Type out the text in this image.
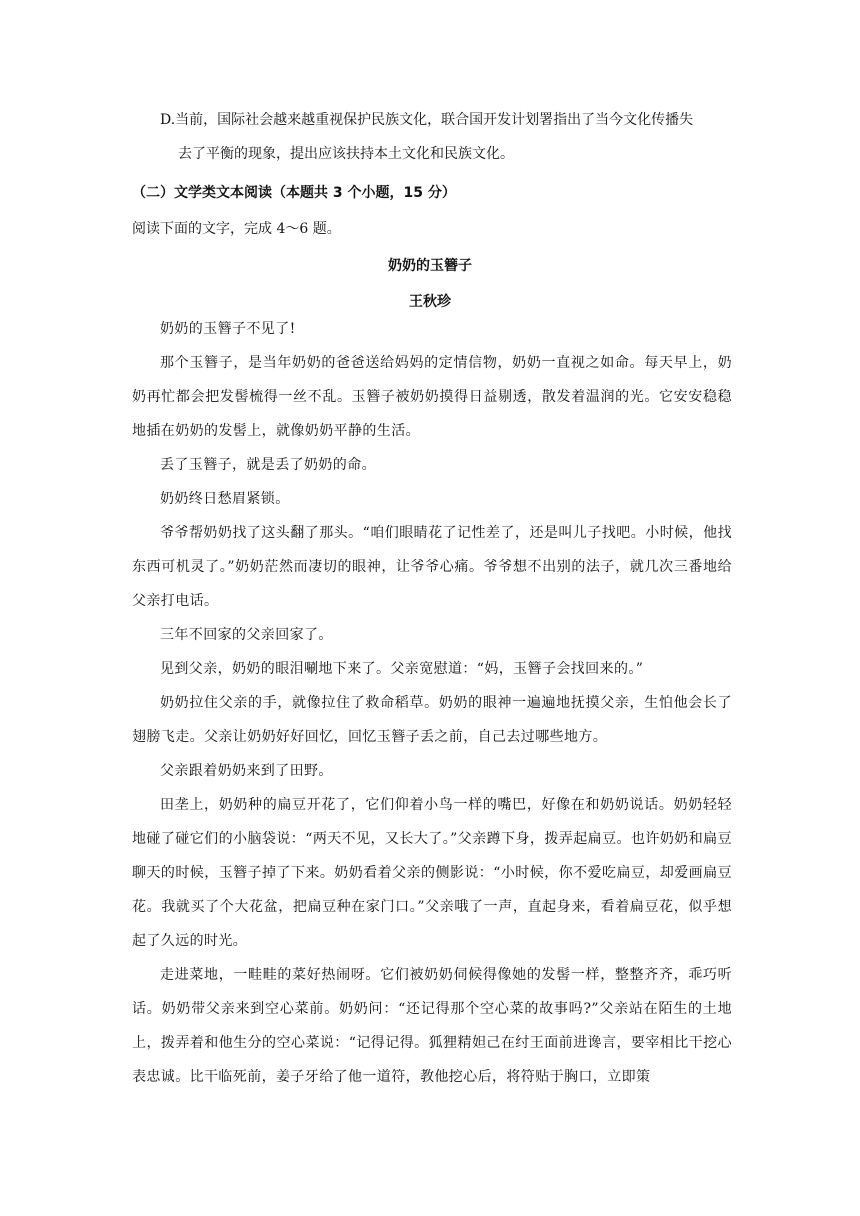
D.当前，国际社会越来越重视保护民族文化，联合国开发计划署指出了当今文化传播失
去了平衡的现象，提出应该扶持本土文化和民族文化。
（二）文学类文本阅读（本题共 3 个小题，15 分）
阅读下面的文字，完成 4～6 题。
奶奶的玉簪子
王秋珍
奶奶的玉簪子不见了!
那个玉簪子，是当年奶奶的爸爸送给妈妈的定情信物，奶奶一直视之如命。每天早上，奶奶再忙都会把发髻梳得一丝不乱。玉簪子被奶奶摸得日益剔透，散发着温润的光。它安安稳稳地插在奶奶的发髻上，就像奶奶平静的生活。
丢了玉簪子，就是丢了奶奶的命。
奶奶终日愁眉紧锁。
爷爷帮奶奶找了这头翻了那头。“咱们眼睛花了记性差了，还是叫儿子找吧。小时候，他找东西可机灵了。”奶奶茫然而凄切的眼神，让爷爷心痛。爷爷想不出别的法子，就几次三番地给父亲打电话。
三年不回家的父亲回家了。
见到父亲，奶奶的眼泪唰地下来了。父亲宽慰道：“妈，玉簪子会找回来的。”
奶奶拉住父亲的手，就像拉住了救命稻草。奶奶的眼神一遍遍地抚摸父亲，生怕他会长了翅膀飞走。父亲让奶奶好好回忆，回忆玉簪子丢之前，自己去过哪些地方。
父亲跟着奶奶来到了田野。
田垄上，奶奶种的扁豆开花了，它们仰着小鸟一样的嘴巴，好像在和奶奶说话。奶奶轻轻地碰了碰它们的小脑袋说：“两天不见，又长大了。”父亲蹲下身，拨弄起扁豆。也许奶奶和扁豆聊天的时候，玉簪子掉了下来。奶奶看着父亲的侧影说：“小时候，你不爱吃扁豆，却爱画扁豆花。我就买了个大花盆，把扁豆种在家门口。”父亲哦了一声，直起身来，看着扁豆花，似乎想起了久远的时光。
走进菜地，一畦畦的菜好热闹呀。它们被奶奶伺候得像她的发髻一样，整整齐齐，乖巧听话。奶奶带父亲来到空心菜前。奶奶问：“还记得那个空心菜的故事吗?”父亲站在陌生的土地上，拨弄着和他生分的空心菜说：“记得记得。狐狸精妲己在纣王面前进谗言，要宰相比干挖心表忠诚。比干临死前，姜子牙给了他一道符，教他挖心后，将符贴于胸口，立即策
